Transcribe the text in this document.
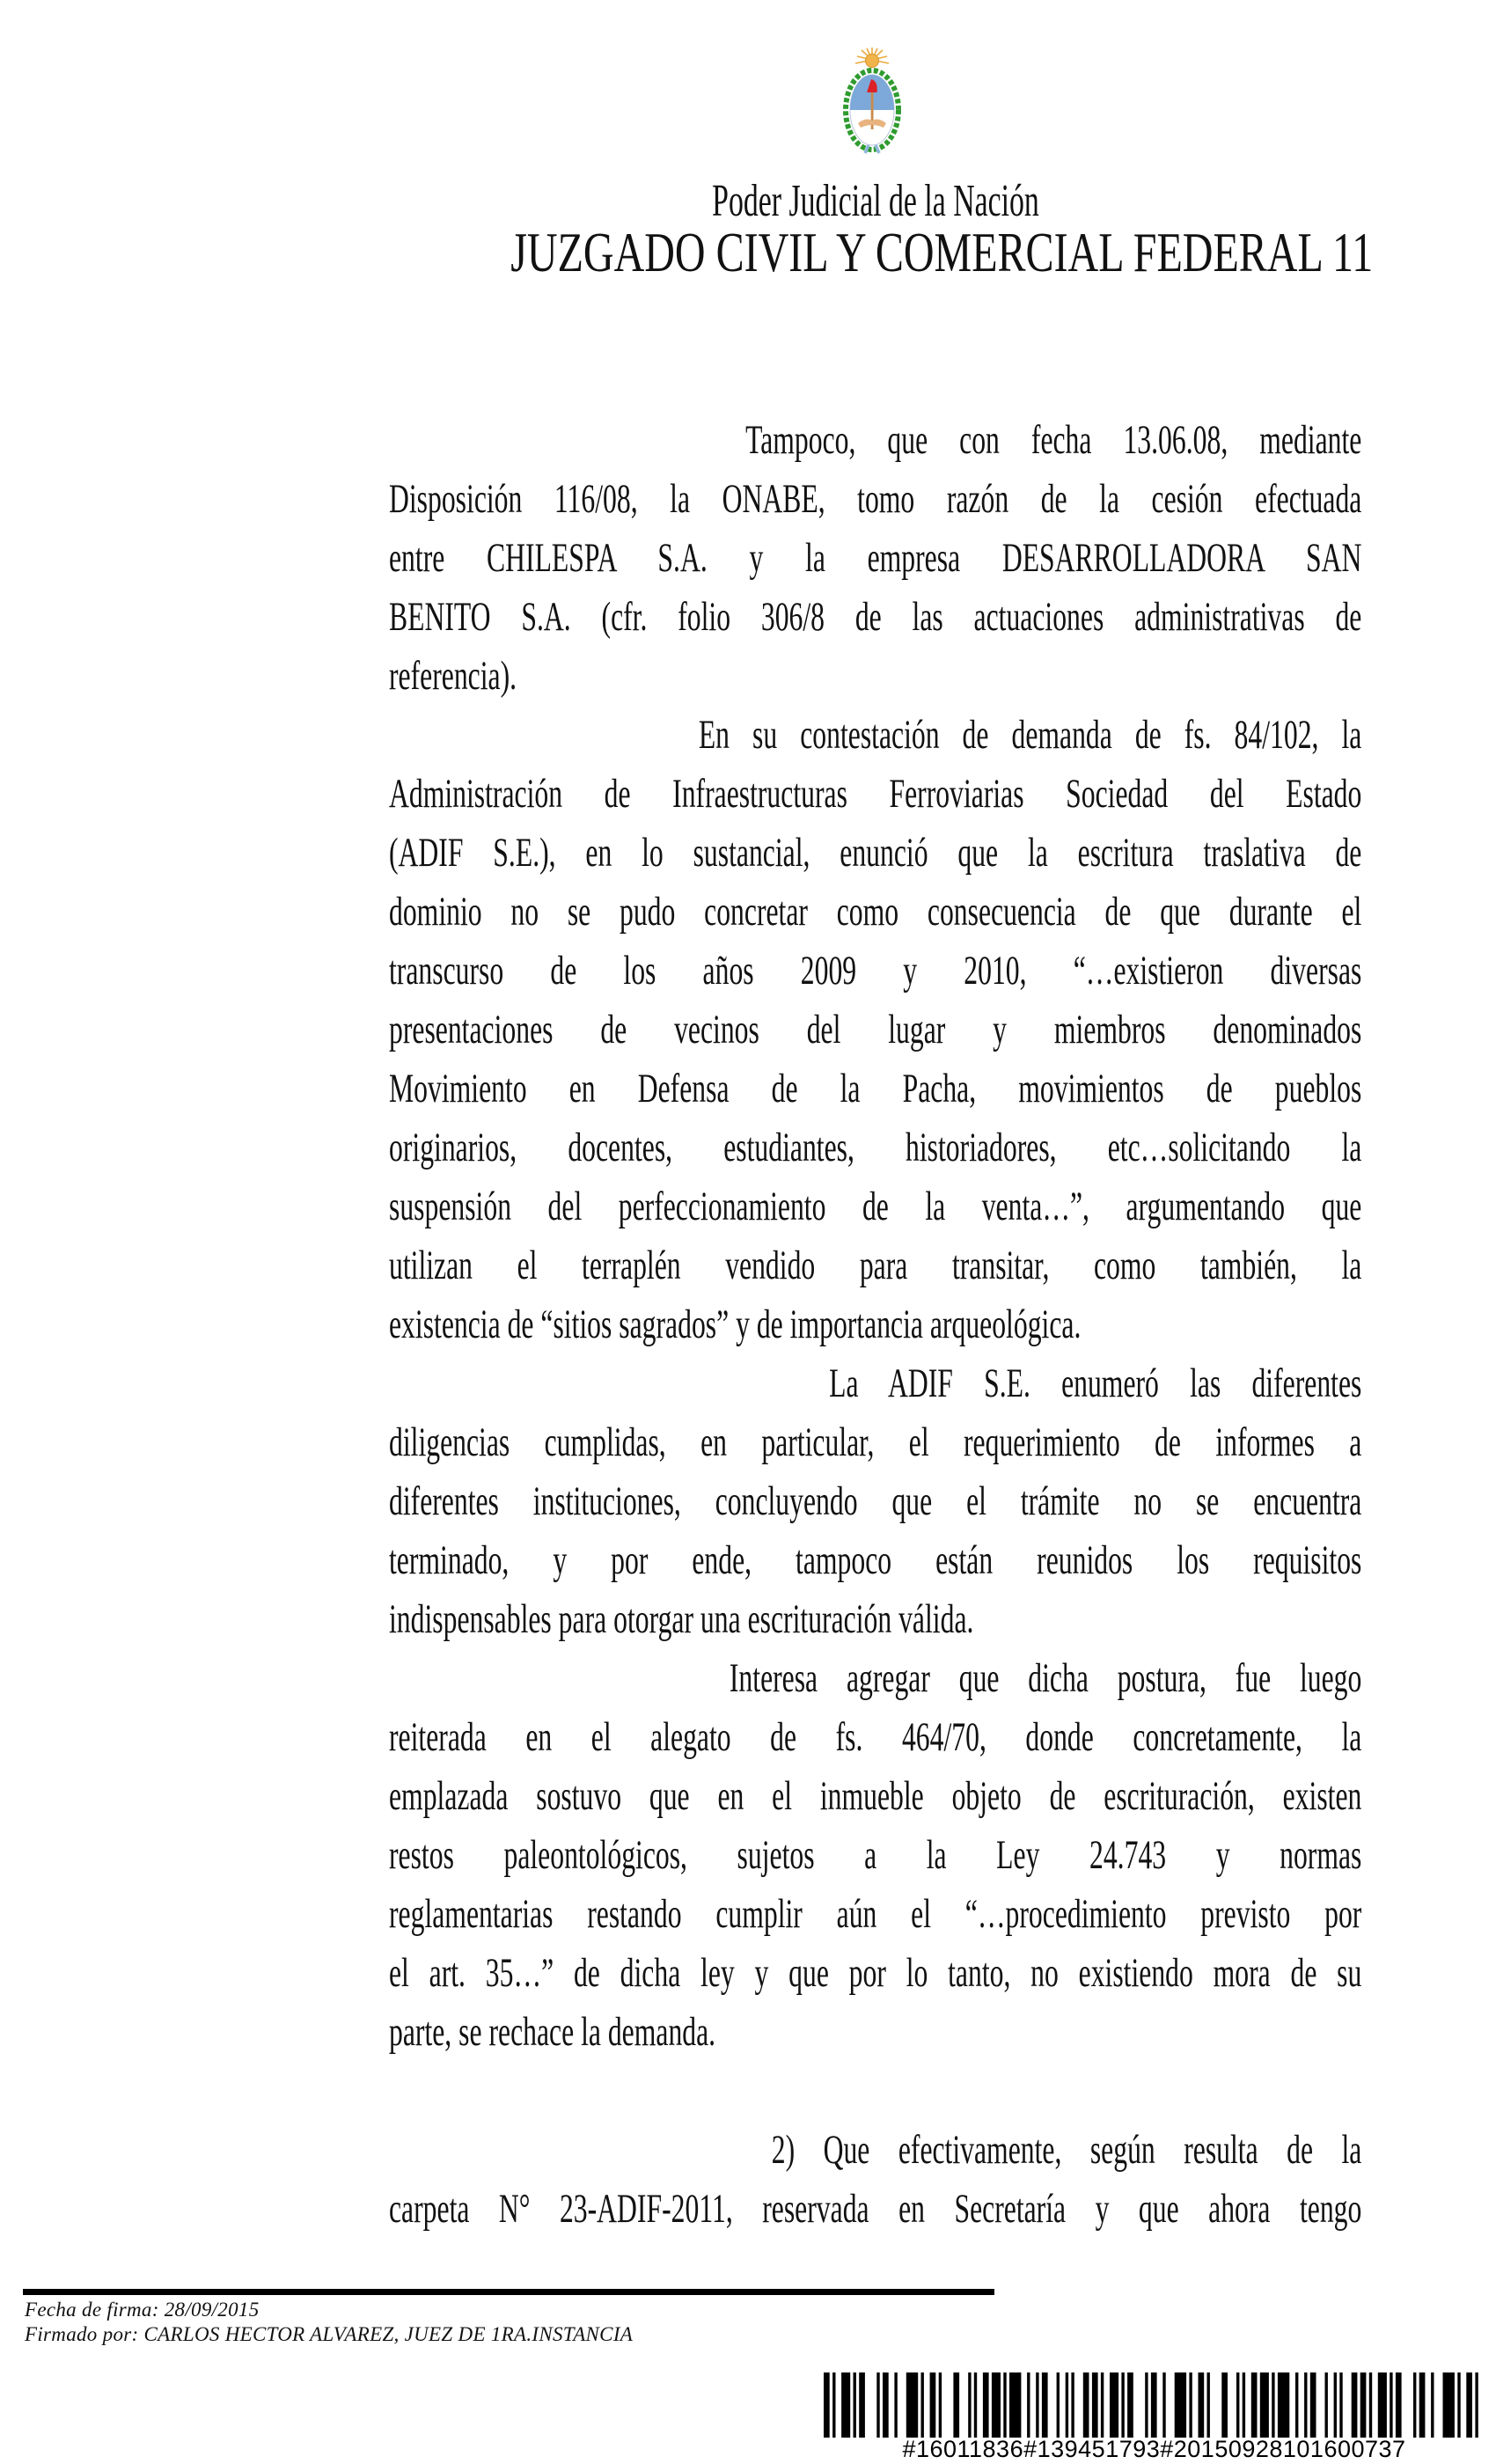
Poder Judicial de la Nación
JUZGADO CIVIL Y COMERCIAL FEDERAL 11
Tampoco, que con fecha 13.06.08, mediante
Disposición 116/08, la ONABE, tomo razón de la cesión efectuada
entre CHILESPA S.A. y la empresa DESARROLLADORA SAN
BENITO S.A. (cfr. folio 306/8 de las actuaciones administrativas de
referencia).
En su contestación de demanda de fs. 84/102, la
Administración de Infraestructuras Ferroviarias Sociedad del Estado
(ADIF S.E.), en lo sustancial, enunció que la escritura traslativa de
dominio no se pudo concretar como consecuencia de que durante el
transcurso de los años 2009 y 2010, “…existieron diversas
presentaciones de vecinos del lugar y miembros denominados
Movimiento en Defensa de la Pacha, movimientos de pueblos
originarios, docentes, estudiantes, historiadores, etc…solicitando la
suspensión del perfeccionamiento de la venta…”, argumentando que
utilizan el terraplén vendido para transitar, como también, la
existencia de “sitios sagrados” y de importancia arqueológica.
La ADIF S.E. enumeró las diferentes
diligencias cumplidas, en particular, el requerimiento de informes a
diferentes instituciones, concluyendo que el trámite no se encuentra
terminado, y por ende, tampoco están reunidos los requisitos
indispensables para otorgar una escrituración válida.
Interesa agregar que dicha postura, fue luego
reiterada en el alegato de fs. 464/70, donde concretamente, la
emplazada sostuvo que en el inmueble objeto de escrituración, existen
restos paleontológicos, sujetos a la Ley 24.743 y normas
reglamentarias restando cumplir aún el “…procedimiento previsto por
el art. 35…” de dicha ley y que por lo tanto, no existiendo mora de su
parte, se rechace la demanda.
2) Que efectivamente, según resulta de la
carpeta N° 23-ADIF-2011, reservada en Secretaría y que ahora tengo
Fecha de firma: 28/09/2015
Firmado por: CARLOS HECTOR ALVAREZ, JUEZ DE 1RA.INSTANCIA
#16011836#139451793#20150928101600737
